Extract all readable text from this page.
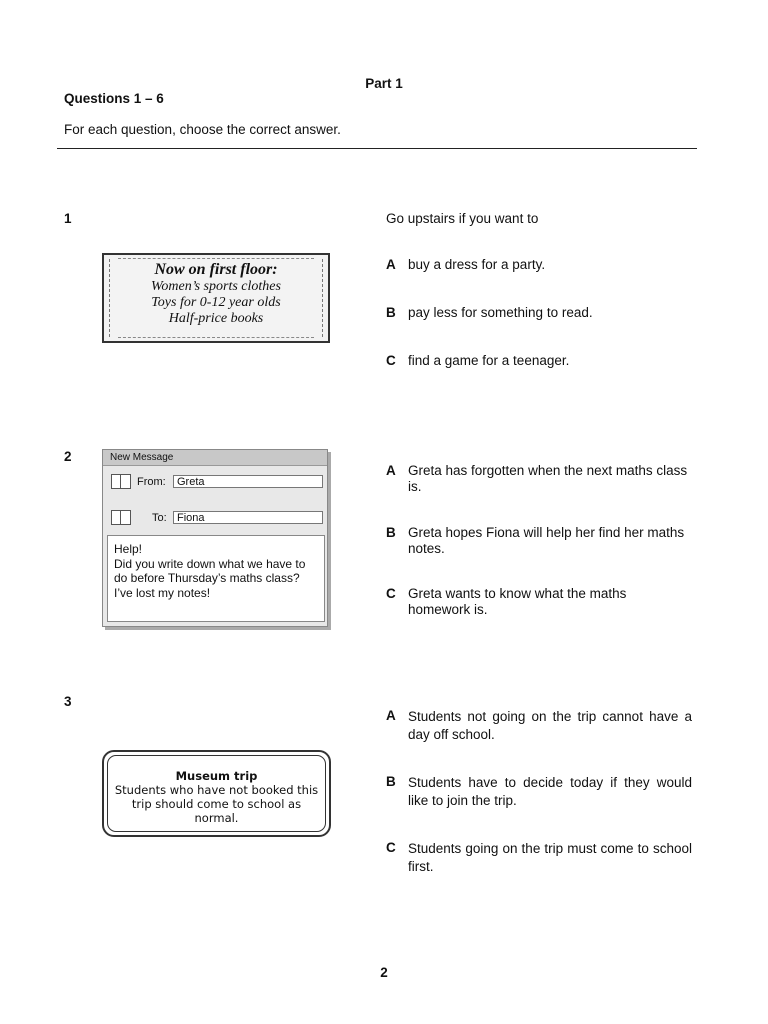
Part 1
Questions 1 – 6
For each question, choose the correct answer.
1	Go upstairs if you want to
Now on first floor:
Women’s sports clothes
Toys for 0-12 year olds
Half-price books
A buy a dress for a party.
B pay less for something to read.
C find a game for a teenager.
2	New Message
From:	Greta
To: Fiona
Help!
Did you write down what we have to
do before Thursday’s maths class?
I’ve lost my notes!
A Greta has forgotten when the next maths class is.
B Greta hopes Fiona will help her find her maths notes.
C Greta wants to know what the maths homework is.
3
Museum trip
Students who have not booked this trip should come to school as normal.
A Students not going on the trip cannot have a day off school.
B Students have to decide today if they would like to join the trip.
C Students going on the trip must come to school first.
2
